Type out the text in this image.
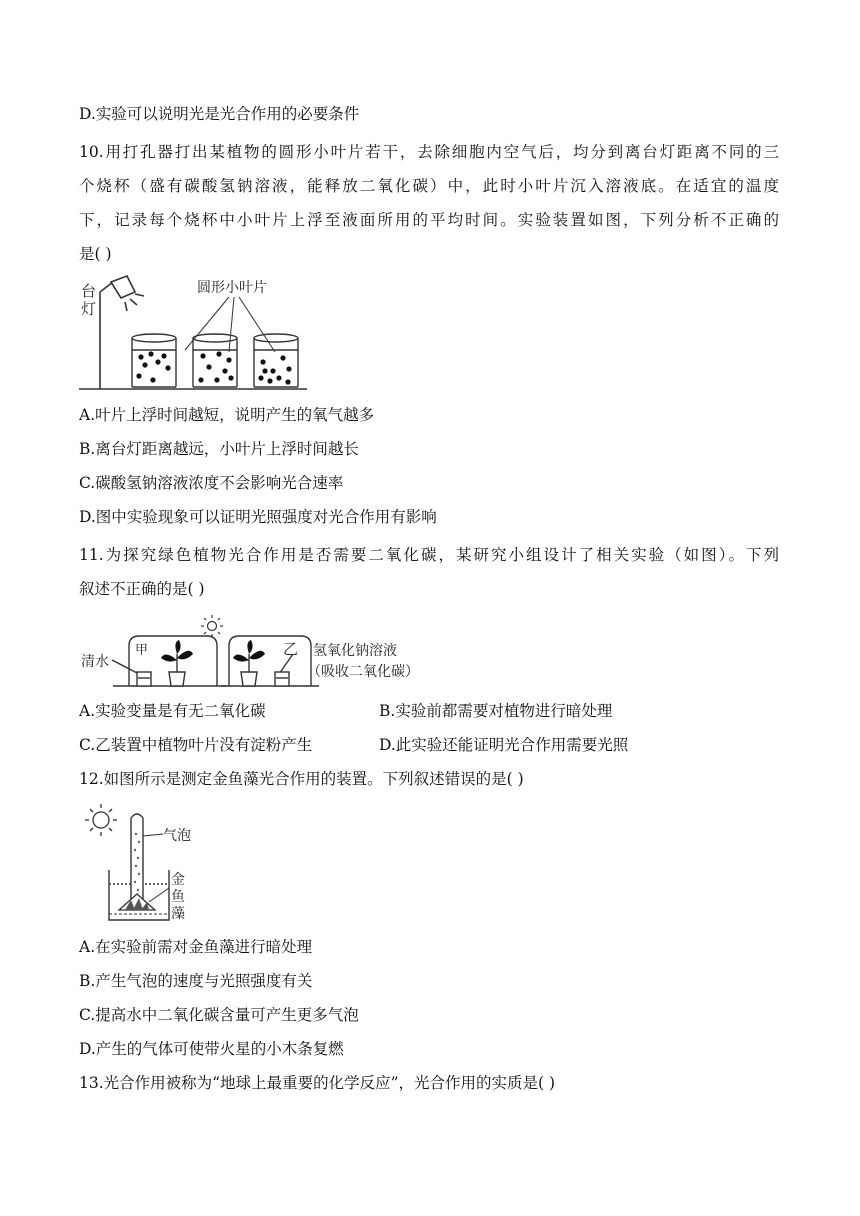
D.实验可以说明光是光合作用的必要条件
10.用打孔器打出某植物的圆形小叶片若干，去除细胞内空气后，均分到离台灯距离不同的三
个烧杯（盛有碳酸氢钠溶液，能释放二氧化碳）中，此时小叶片沉入溶液底。在适宜的温度
下，记录每个烧杯中小叶片上浮至液面所用的平均时间。实验装置如图，下列分析不正确的
是( )
台
灯
圆形小叶片
A.叶片上浮时间越短，说明产生的氧气越多
B.离台灯距离越远，小叶片上浮时间越长
C.碳酸氢钠溶液浓度不会影响光合速率
D.图中实验现象可以证明光照强度对光合作用有影响
11.为探究绿色植物光合作用是否需要二氧化碳，某研究小组设计了相关实验（如图）。下列
叙述不正确的是( )
清水
甲	乙 氢氧化钠溶液
（吸收二氧化碳）
A.实验变量是有无二氧化碳	B.实验前都需要对植物进行暗处理
C.乙装置中植物叶片没有淀粉产生	D.此实验还能证明光合作用需要光照
12.如图所示是测定金鱼藻光合作用的装置。下列叙述错误的是( )
气泡
金
鱼
藻
A.在实验前需对金鱼藻进行暗处理
B.产生气泡的速度与光照强度有关
C.提高水中二氧化碳含量可产生更多气泡
D.产生的气体可使带火星的小木条复燃
13.光合作用被称为“地球上最重要的化学反应”，光合作用的实质是( )
